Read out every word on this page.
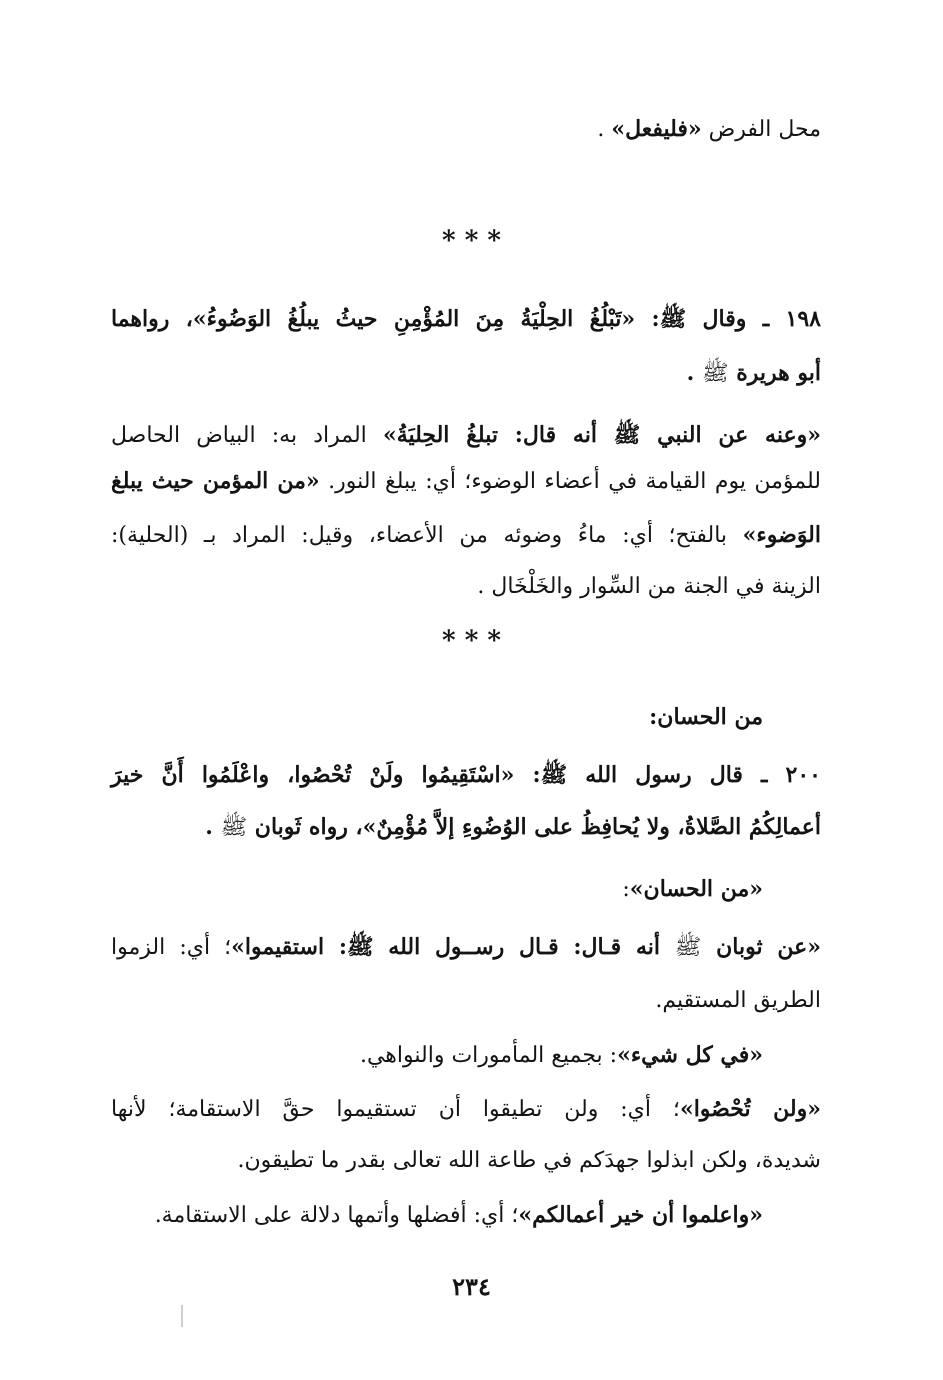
محل الفرض «فليفعل» .
* * *
١٩٨ ـ وقال ﷺ: «تَبْلُغُ الحِلْيَةُ مِنَ المُؤْمِنِ حيثُ يبلُغُ الوَضُوءُ»، رواهما
أبو هريرة ﷺ .
«وعنه عن النبي ﷺ أنه قال: تبلغُ الحِليَةُ» المراد به: البياض الحاصل
للمؤمن يوم القيامة في أعضاء الوضوء؛ أي: يبلغ النور. «من المؤمن حيث يبلغ
الوَضوء» بالفتح؛ أي: ماءُ وضوئه من الأعضاء، وقيل: المراد بـ (الحلية):
الزينة في الجنة من السِّوار والخَلْخَال .
* * *
من الحسان:
٢٠٠ ـ قال رسول الله ﷺ: «اسْتَقِيمُوا ولَنْ تُحْصُوا، واعْلَمُوا أَنَّ خيرَ
أعمالِكُمُ الصَّلاةُ، ولا يُحافِظُ على الوُضُوءِ إلاَّ مُؤْمِنٌ»، رواه ثَوبان ﷺ .
«من الحسان»:
«عن ثوبان ﷺ أنه قـال: قـال رســول الله ﷺ: استقيموا»؛ أي: الزموا
الطريق المستقيم.
«في كل شيء»: بجميع المأمورات والنواهي.
«ولن تُحْصُوا»؛ أي: ولن تطيقوا أن تستقيموا حقَّ الاستقامة؛ لأنها
شديدة، ولكن ابذلوا جهدَكم في طاعة الله تعالى بقدر ما تطيقون.
«واعلموا أن خير أعمالكم»؛ أي: أفضلها وأتمها دلالة على الاستقامة.
٢٣٤
